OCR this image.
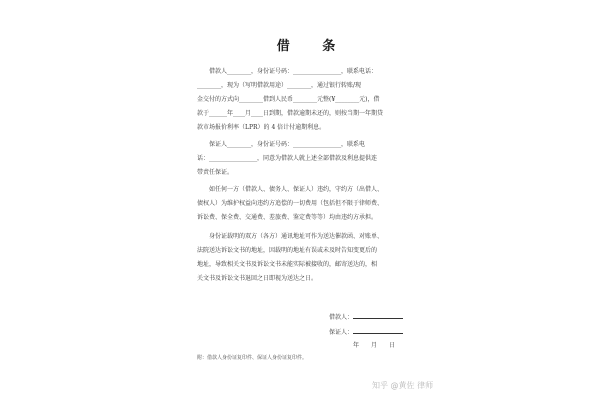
借 条
借款人________，身份证号码：________________，联系电话：
________，现为（写明借款用途）________，通过银行转账/现
金交付的方式向________借到人民币________元整(¥________元)，借
款于______年____月____日到期，借款逾期未还的，则按当期一年期贷
款市场报价利率（LPR）的 4 倍计付逾期利息。
保证人________，身份证号码：________________，联系电
话：________________，同意为借款人就上述全部借款及利息提供连
带责任保证。
如任何一方（借款人、债务人、保证人）违约，守约方（出借人、
债权人）为维护权益向违约方追偿的一切费用（包括但不限于律师费、
诉讼费、保全费、交通费、差旅费、鉴定费等等）均由违约方承担。
身份证载明的双方（各方）通讯地址可作为送达催款函、对账单、
法院送达诉讼文书的地址，因载明的地址有误或未及时告知变更后的
地址，导致相关文书及诉讼文书未能实际被接收的，邮寄送达的，相
关文书及诉讼文书退回之日即视为送达之日。
借款人：
保证人：
年　　月　　日
附：借款人身份证复印件、保证人身份证复印件。
知乎 @黄佐 律师
